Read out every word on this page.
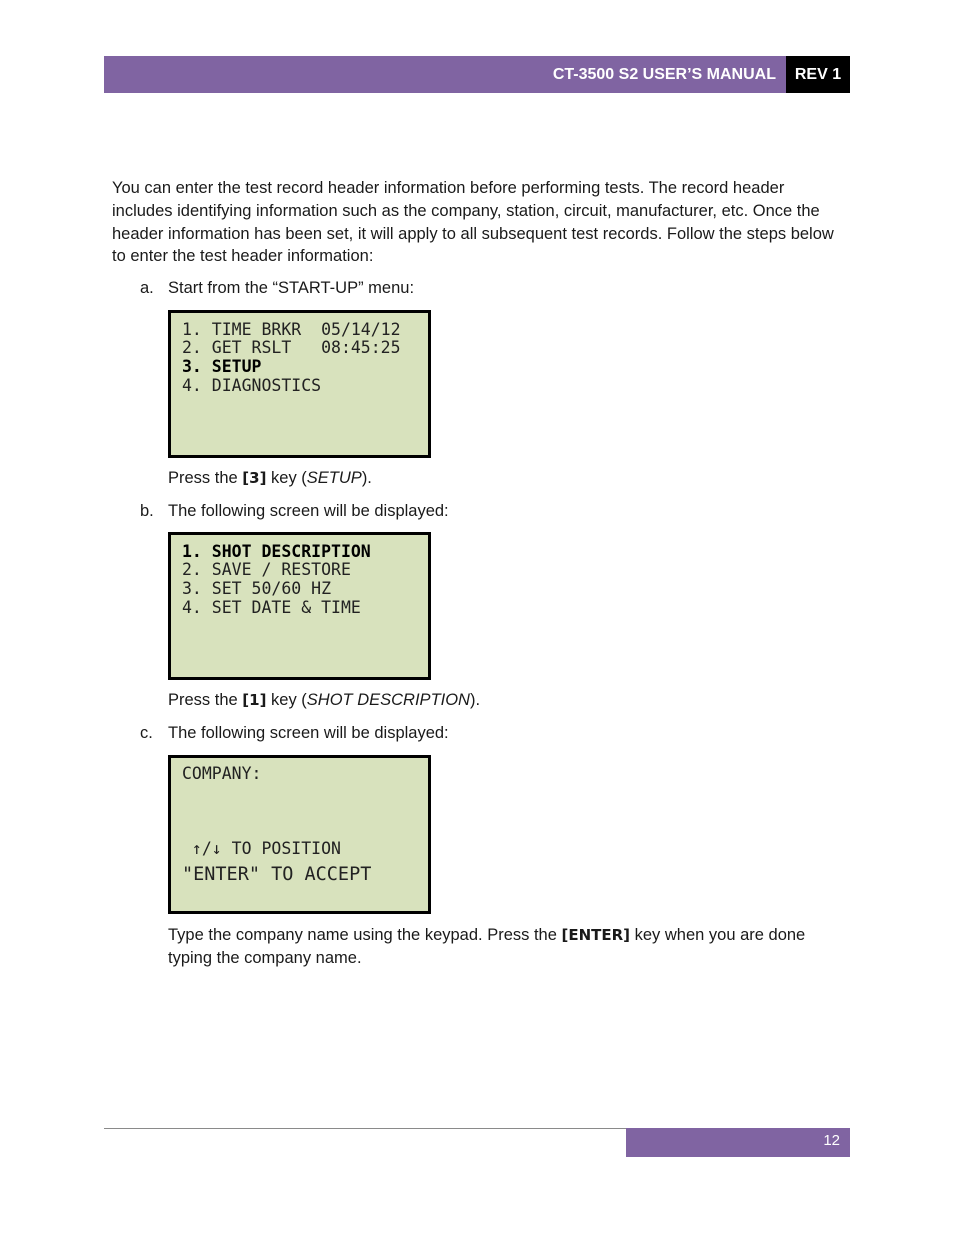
CT-3500 S2 USER’S MANUAL	REV 1

You can enter the test record header information before performing tests. The record header includes identifying information such as the company, station, circuit, manufacturer, etc. Once the header information has been set, it will apply to all subsequent test records. Follow the steps below to enter the test header information:

a. Start from the “START-UP” menu:
1. TIME BRKR  05/14/12
2. GET RSLT   08:45:25
3. SETUP
4. DIAGNOSTICS
Press the [3] key (SETUP).
b. The following screen will be displayed:
1. SHOT DESCRIPTION
2. SAVE / RESTORE
3. SET 50/60 HZ
4. SET DATE & TIME
Press the [1] key (SHOT DESCRIPTION).
c. The following screen will be displayed:
COMPANY:
↑/↓ TO POSITION
"ENTER" TO ACCEPT
Type the company name using the keypad. Press the [ENTER] key when you are done typing the company name.
12
